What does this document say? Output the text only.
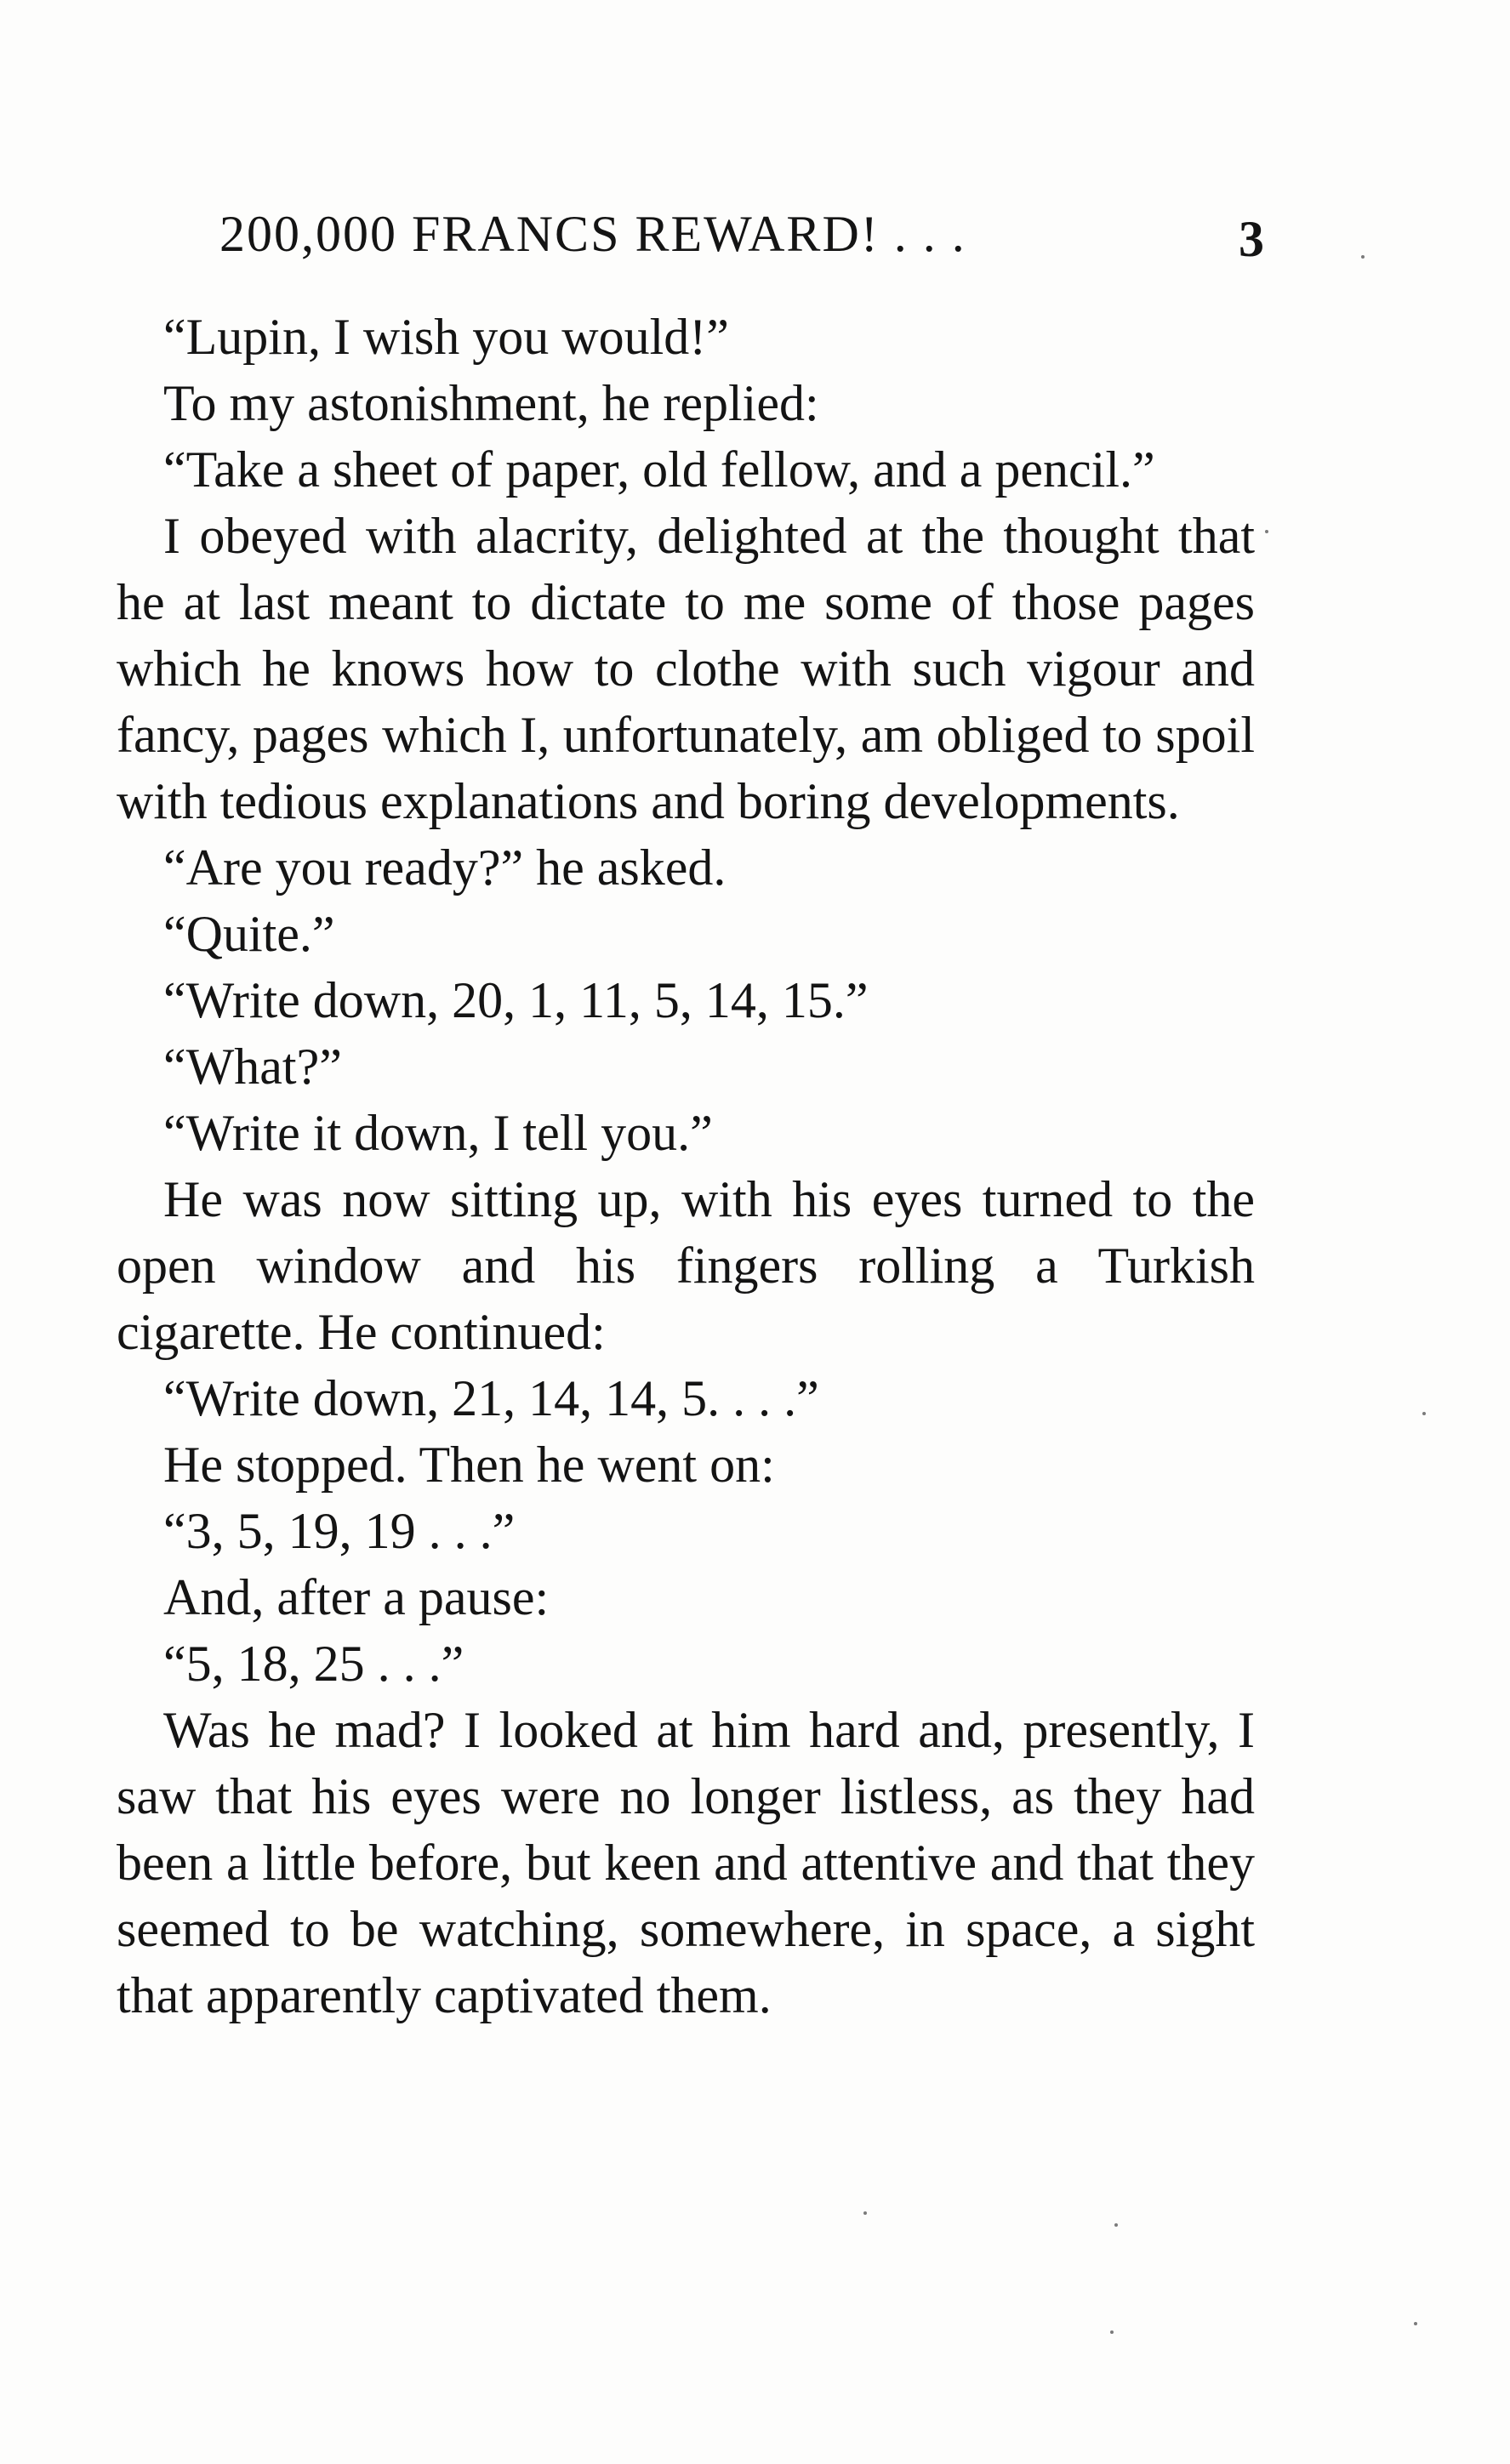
200,000 FRANCS REWARD! . . .	3

“Lupin, I wish you would!”

To my astonishment, he replied:

“Take a sheet of paper, old fellow, and a pencil.”

I obeyed with alacrity, delighted at the thought that he at last meant to dictate to me some of those pages which he knows how to clothe with such vigour and fancy, pages which I, unfortunately, am obliged to spoil with tedious explanations and boring developments.

“Are you ready?” he asked.

“Quite.”

“Write down, 20, 1, 11, 5, 14, 15.”

“What?”

“Write it down, I tell you.”

He was now sitting up, with his eyes turned to the open window and his fingers rolling a Turkish cigarette. He continued:

“Write down, 21, 14, 14, 5. . . .”

He stopped. Then he went on:

“3, 5, 19, 19 . . .”

And, after a pause:

“5, 18, 25 . . .”

Was he mad? I looked at him hard and, presently, I saw that his eyes were no longer listless, as they had been a little before, but keen and attentive and that they seemed to be watching, somewhere, in space, a sight that apparently captivated them.
